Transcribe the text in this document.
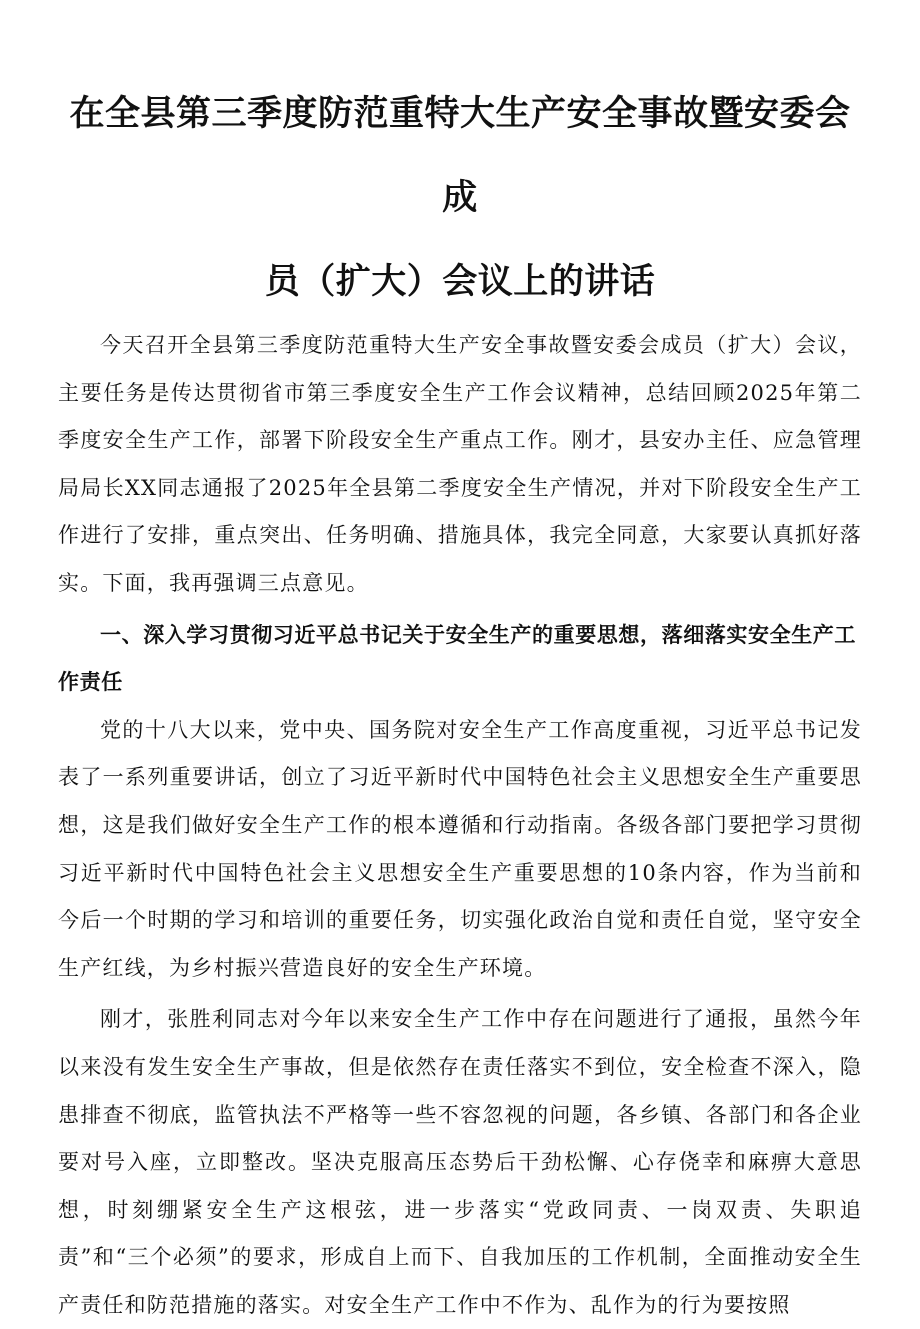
在全县第三季度防范重特大生产安全事故暨安委会成
员（扩大）会议上的讲话

今天召开全县第三季度防范重特大生产安全事故暨安委会成员（扩大）会议，主要任务是传达贯彻省市第三季度安全生产工作会议精神，总结回顾2025年第二季度安全生产工作，部署下阶段安全生产重点工作。刚才，县安办主任、应急管理局局长XX同志通报了2025年全县第二季度安全生产情况，并对下阶段安全生产工作进行了安排，重点突出、任务明确、措施具体，我完全同意，大家要认真抓好落实。下面，我再强调三点意见。

一、深入学习贯彻习近平总书记关于安全生产的重要思想，落细落实安全生产工作责任

党的十八大以来，党中央、国务院对安全生产工作高度重视，习近平总书记发表了一系列重要讲话，创立了习近平新时代中国特色社会主义思想安全生产重要思想，这是我们做好安全生产工作的根本遵循和行动指南。各级各部门要把学习贯彻习近平新时代中国特色社会主义思想安全生产重要思想的10条内容，作为当前和今后一个时期的学习和培训的重要任务，切实强化政治自觉和责任自觉，坚守安全生产红线，为乡村振兴营造良好的安全生产环境。

刚才，张胜利同志对今年以来安全生产工作中存在问题进行了通报，虽然今年以来没有发生安全生产事故，但是依然存在责任落实不到位，安全检查不深入，隐患排查不彻底，监管执法不严格等一些不容忽视的问题，各乡镇、各部门和各企业要对号入座，立即整改。坚决克服高压态势后干劲松懈、心存侥幸和麻痹大意思想，时刻绷紧安全生产这根弦，进一步落实“党政同责、一岗双责、失职追责”和“三个必须”的要求，形成自上而下、自我加压的工作机制，全面推动安全生产责任和防范措施的落实。对安全生产工作中不作为、乱作为的行为要按照
